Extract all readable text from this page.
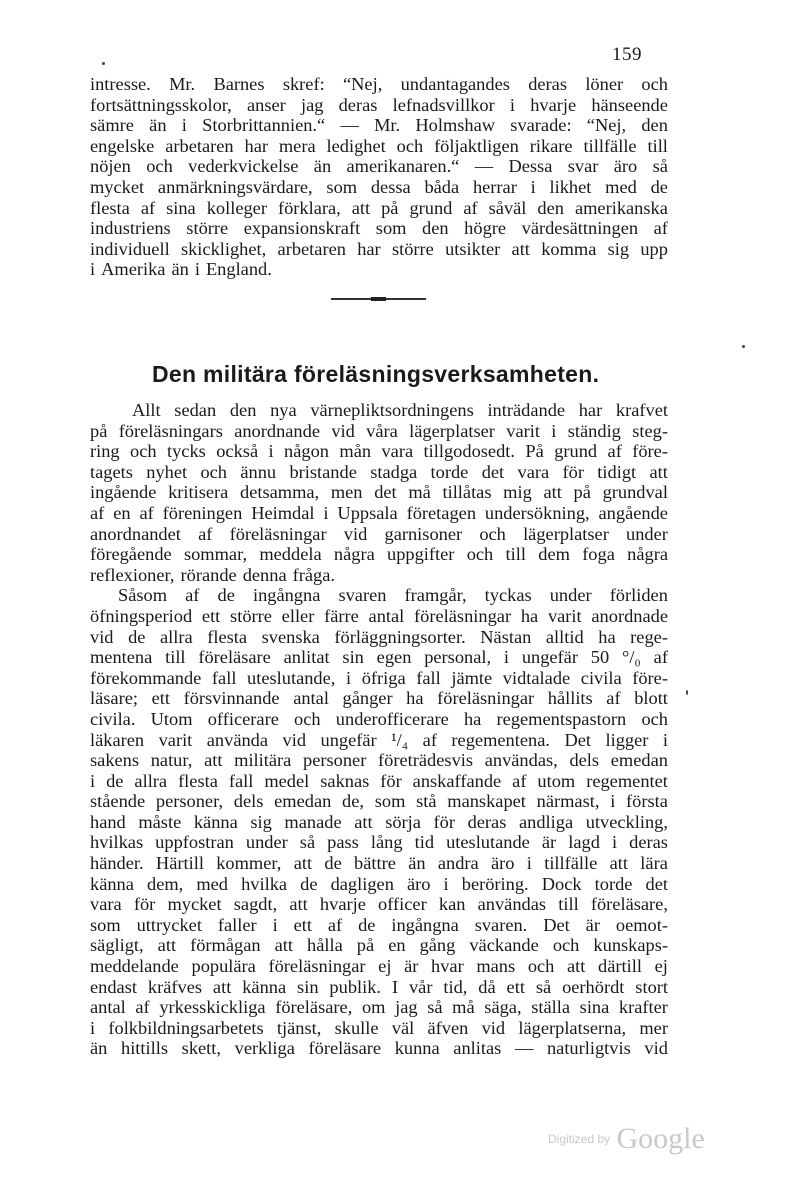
159
intresse. Mr. Barnes skref: “Nej, undantagandes deras löner och
fortsättningsskolor, anser jag deras lefnadsvillkor i hvarje hänseende
sämre än i Storbrittannien.“ — Mr. Holmshaw svarade: “Nej, den
engelske arbetaren har mera ledighet och följaktligen rikare tillfälle till
nöjen och vederkvickelse än amerikanaren.“ — Dessa svar äro så
mycket anmärkningsvärdare, som dessa båda herrar i likhet med de
flesta af sina kolleger förklara, att på grund af såväl den amerikanska
industriens större expansionskraft som den högre värdesättningen af
individuell skicklighet, arbetaren har större utsikter att komma sig upp
i Amerika än i England.
Den militära föreläsningsverksamheten.
Allt sedan den nya värnepliktsordningens inträdande har krafvet
på föreläsningars anordnande vid våra lägerplatser varit i ständig steg-
ring och tycks också i någon mån vara tillgodosedt. På grund af före-
tagets nyhet och ännu bristande stadga torde det vara för tidigt att
ingående kritisera detsamma, men det må tillåtas mig att på grundval
af en af föreningen Heimdal i Uppsala företagen undersökning, angående
anordnandet af föreläsningar vid garnisoner och lägerplatser under
föregående sommar, meddela några uppgifter och till dem foga några
reflexioner, rörande denna fråga.
Såsom af de ingångna svaren framgår, tyckas under förliden
öfningsperiod ett större eller färre antal föreläsningar ha varit anordnade
vid de allra flesta svenska förläggningsorter. Nästan alltid ha rege-
mentena till föreläsare anlitat sin egen personal, i ungefär 50 °/₀ af
förekommande fall uteslutande, i öfriga fall jämte vidtalade civila före-
läsare; ett försvinnande antal gånger ha föreläsningar hållits af blott
civila. Utom officerare och underofficerare ha regementspastorn och
läkaren varit använda vid ungefär ¹/₄ af regementena. Det ligger i
sakens natur, att militära personer företrädesvis användas, dels emedan
i de allra flesta fall medel saknas för anskaffande af utom regementet
stående personer, dels emedan de, som stå manskapet närmast, i första
hand måste känna sig manade att sörja för deras andliga utveckling,
hvilkas uppfostran under så pass lång tid uteslutande är lagd i deras
händer. Härtill kommer, att de bättre än andra äro i tillfälle att lära
känna dem, med hvilka de dagligen äro i beröring. Dock torde det
vara för mycket sagdt, att hvarje officer kan användas till föreläsare,
som uttrycket faller i ett af de ingångna svaren. Det är oemot-
sägligt, att förmågan att hålla på en gång väckande och kunskaps-
meddelande populära föreläsningar ej är hvar mans och att därtill ej
endast kräfves att känna sin publik. I vår tid, då ett så oerhördt stort
antal af yrkesskickliga föreläsare, om jag så må säga, ställa sina krafter
i folkbildningsarbetets tjänst, skulle väl äfven vid lägerplatserna, mer
än hittills skett, verkliga föreläsare kunna anlitas — naturligtvis vid
Digitized by Google
